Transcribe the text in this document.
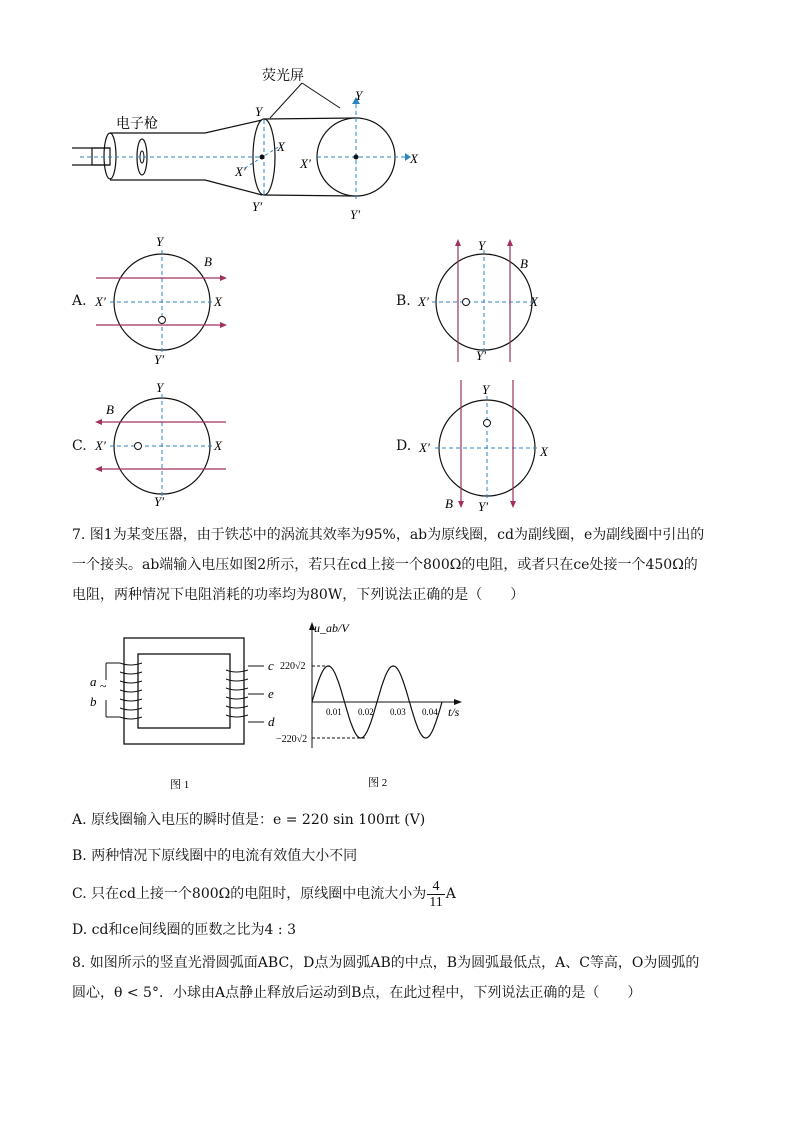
荧光屏
电子枪
Y
X
X′
Y′
Y
X
X′
Y′
A.
Y
Y′
X′	X
B
B.
Y
Y′
X′	X
B
C.
Y
Y′
X′	X
B
D.
Y
Y′
X′	X
B
7. 图1为某变压器，由于铁芯中的涡流其效率为95%，ab为原线圈，cd为副线圈，e为副线圈中引出的
一个接头。ab端输入电压如图2所示，若只在cd上接一个800Ω的电阻，或者只在ce处接一个450Ω的
电阻，两种情况下电阻消耗的功率均为80W，下列说法正确的是（　　）
~
a
b
c
e
d
图 1
u_ab/V
t/s
220√2
−220√2
0.01 0.02 0.03 0.04
图 2
A. 原线圈输入电压的瞬时值是：e = 220 sin 100πt (V)
B. 两种情况下原线圈中的电流有效值大小不同
C. 只在cd上接一个800Ω的电阻时，原线圈中电流大小为 $\frac{4}{11}$ A
D. cd和ce间线圈的匝数之比为4 : 3
8. 如图所示的竖直光滑圆弧面ABC，D点为圆弧AB的中点，B为圆弧最低点，A、C等高，O为圆弧的
圆心，θ < 5°．小球由A点静止释放后运动到B点，在此过程中，下列说法正确的是（　　）
